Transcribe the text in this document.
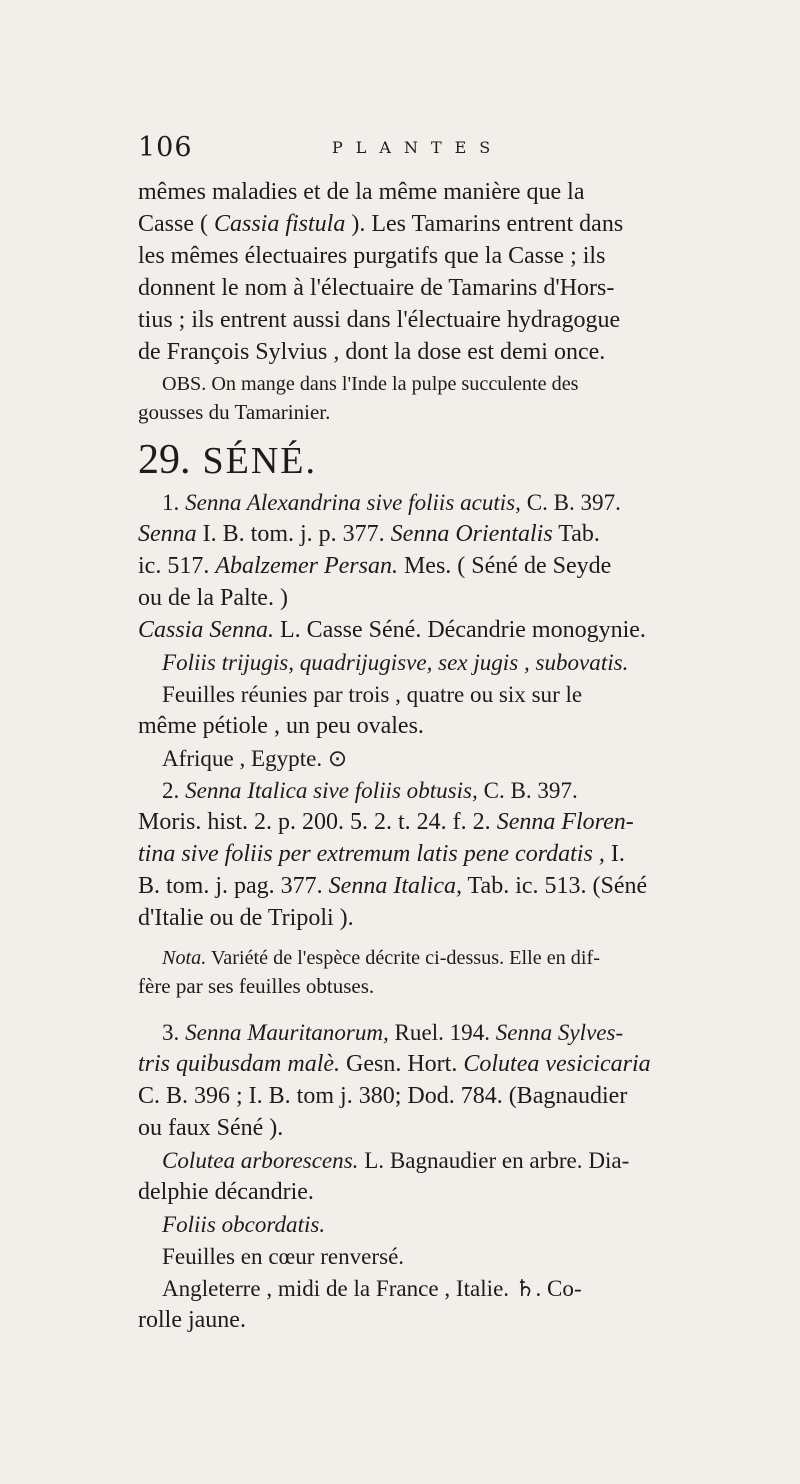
106	PLANTES
29. SÉNÉ.
mêmes maladies et de la même manière que la
Casse ( Cassia fistula ). Les Tamarins entrent dans
les mêmes électuaires purgatifs que la Casse ; ils
donnent le nom à l'électuaire de Tamarins d'Hors-
tius ; ils entrent aussi dans l'électuaire hydragogue
de François Sylvius , dont la dose est demi once.
OBS. On mange dans l'Inde la pulpe succulente des
gousses du Tamarinier.
1. Senna Alexandrina sive foliis acutis, C. B. 397.
Senna I. B. tom. j. p. 377. Senna Orientalis Tab.
ic. 517. Abalzemer Persan. Mes. ( Séné de Seyde
ou de la Palte. )
Cassia Senna. L. Casse Séné. Décandrie monogynie.
Foliis trijugis, quadrijugisve, sex jugis , subovatis.
Feuilles réunies par trois , quatre ou six sur le
même pétiole , un peu ovales.
Afrique , Egypte. ⊙
2. Senna Italica sive foliis obtusis, C. B. 397.
Moris. hist. 2. p. 200. 5. 2. t. 24. f. 2. Senna Floren-
tina sive foliis per extremum latis pene cordatis , I.
B. tom. j. pag. 377. Senna Italica, Tab. ic. 513. (Séné
d'Italie ou de Tripoli ).
Nota. Variété de l'espèce décrite ci-dessus. Elle en dif-
fère par ses feuilles obtuses.
3. Senna Mauritanorum, Ruel. 194. Senna Sylves-
tris quibusdam malè. Gesn. Hort. Colutea vesicicaria
C. B. 396 ; I. B. tom j. 380; Dod. 784. (Bagnaudier
ou faux Séné ).
Colutea arborescens. L. Bagnaudier en arbre. Dia-
delphie décandrie.
Foliis obcordatis.
Feuilles en cœur renversé.
Angleterre , midi de la France , Italie. ♄. Co-
rolle jaune.
